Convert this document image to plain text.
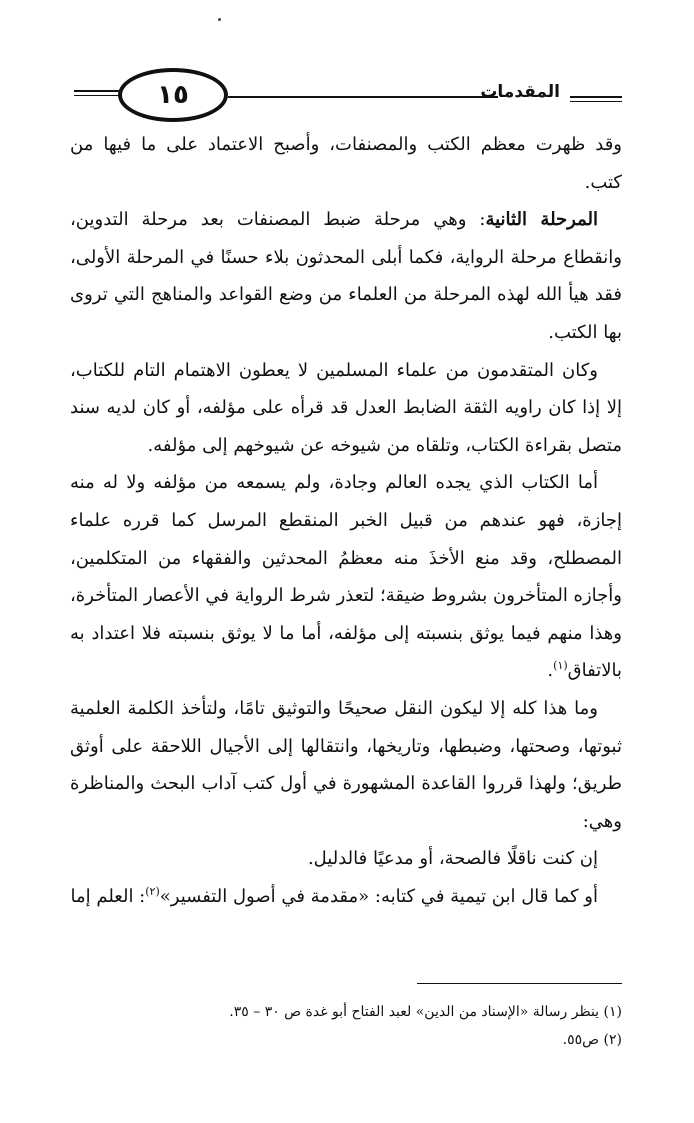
١٥	المقدمات

وقد ظهرت معظم الكتب والمصنفات، وأصبح الاعتماد على ما فيها من كتب.

المرحلة الثانية: وهي مرحلة ضبط المصنفات بعد مرحلة التدوين، وانقطاع مرحلة الرواية، فكما أبلى المحدثون بلاء حسنًا في المرحلة الأولى، فقد هيأ الله لهذه المرحلة من العلماء من وضع القواعد والمناهج التي تروى بها الكتب.

وكان المتقدمون من علماء المسلمين لا يعطون الاهتمام التام للكتاب، إلا إذا كان راويه الثقة الضابط العدل قد قرأه على مؤلفه، أو كان لديه سند متصل بقراءة الكتاب، وتلقاه من شيوخه عن شيوخهم إلى مؤلفه.

أما الكتاب الذي يجده العالم وجادة، ولم يسمعه من مؤلفه ولا له منه إجازة، فهو عندهم من قبيل الخبر المنقطع المرسل كما قرره علماء المصطلح، وقد منع الأخذَ منه معظمُ المحدثين والفقهاء من المتكلمين، وأجازه المتأخرون بشروط ضيقة؛ لتعذر شرط الرواية في الأعصار المتأخرة، وهذا منهم فيما يوثق بنسبته إلى مؤلفه، أما ما لا يوثق بنسبته فلا اعتداد به بالاتفاق$^{(١)}$.

وما هذا كله إلا ليكون النقل صحيحًا والتوثيق تامًا، ولتأخذ الكلمة العلمية ثبوتها، وصحتها، وضبطها، وتاريخها، وانتقالها إلى الأجيال اللاحقة على أوثق طريق؛ ولهذا قرروا القاعدة المشهورة في أول كتب آداب البحث والمناظرة وهي:

إن كنت ناقلًا فالصحة، أو مدعيًا فالدليل.

أو كما قال ابن تيمية في كتابه: «مقدمة في أصول التفسير»$^{(٢)}$: العلم إما

(١) ينظر رسالة «الإسناد من الدين» لعبد الفتاح أبو غدة ص ٣٠ – ٣٥.

(٢) ص٥٥.
